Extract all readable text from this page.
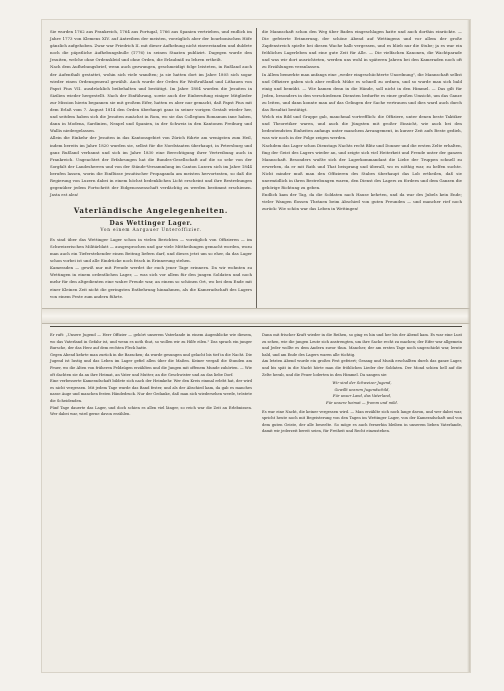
Sie wurden 1762 aus Frankreich, 1764 aus Portugal, 1766 aus Spanien vertrieben, und endlich im Jahre 1773 von Klemens XIV. auf Antreiben der meisten, vorzüglich aber der bourbonischen Höfe gänzlich aufgehoben. Zwar war Friedrich II. mit dieser Aufhebung nicht einverstanden und duldete noch die päpstliche Aufhebungsbulle (1776) in seinen Staaten publizirt. Dagegen wurde den Jesuiten, welche ohne Ordenskleid und ohne Orden, die Erlaubniß zu lehren ertheilt.

Nach dem Aufhebungsbrief, wenn auch gezwungen, geschmeidigt folge leisteten, in Rußland auch der Aufenthalt gestattet, wohin sich viele wandten; ja sie hatten dort im Jahre 1805 sich sogar wieder einen Ordensgeneral gewählt. Auch wurde der Orden für Weißrußland und Lithauen von Papst Pius VII. ausdrücklich beibehalten und bestätigt. Im Jahre 1804 wurden die Jesuiten in Sizilien wieder hergestellt. Nach der Einführung, sowie auch der Einberufung einiger Mitglieder zur Mission hierin begannen sie mit großem Eifer, hatten es aber nur gemacht, daß Papst Pius mit dem Erlaß vom 7. August 1814 den Orden überhaupt ganz in seiner vorigen Gestalt wieder her, und seitdem haben sich die Jesuiten zunächst in Rom, wo sie das Collegium Romanum inne haben, dann in Modena, Sardinien, Neapel und Spanien, in der Schweiz in den Kantonen Freiburg und Wallis niedergelassen.

Allein die Einkehr der Jesuiten in das Kantonsgebiet von Zürich führte am wenigsten zum Heil, indem bereits im Jahre 1820 wurden sie, selbst für die Nordstaaten überhaupt, in Petersburg und ganz Rußland verbannt und sich im Jahre 1830 eine Berechtigung ihrer Vertreibung auch in Frankreich. Ungeachtet der Erfahrungen hat die Bundes-Gesellschaft auf die so sehr von der Sorgfalt der Landesherren und von der Stände-Versammlung im Canton Luzern sich im Jahre 1844 berufen lassen, worin die Einflüsse jesuitischer Propaganda am meisten hervortraten, so daß die Regierung von Luzern dabei in einem höchst bedenklichen Licht erscheint und ihre Bestrebungen gegenüber jedem Fortschritt der Eidgenossenschaft verdächtig zu werden bestimmt erschienen. Jasta est alea!

Vaterländische Angelegenheiten.
Das Wettinger Lager.
Von einem Aargauer Unteroffizier.

Es sind über das Wettinger Lager schon in vielen Berichten — vorzüglich von Offizieren — im Schweizerischen Militärblatt — ausgesprochen und gar viele Mittheilungen gemacht worden, wozu man auch ein Tieferstehender einen Beitrag liefern darf, und dieses jetzt um so eher, da das Lager schon vorbei ist und alle Eindrücke noch frisch in Erinnerung stehen.

Kameraden — gewiß nur mit Freude werdet ihr euch jener Tage erinnern. Da wir wohnten zu Wettingen in einem ordentlichen Lager, — was sich vor allem für den jungen Soldaten und noch mehr für den altgedienten eine wahre Freude war, an einem so schönen Ort, wo bei dem Ende mit einer Kleinen Zeit nicht die geringsten Entbehrung hinnahmen, als die Kameradschaft des Lagers von einem Feste zum andern führte.

die Mannschaft schon den Weg über Baden eingeschlagen hatte und auch dorthin einrückte. — Die gefeierte Erinnerung, der schöne Abend auf Wettingens und vor allem der große Zapfenstreich spielte bei diesen Wache halb vergessen, und es blieb nur die Stube; ja es war ein fröhliches Lagerleben und eine gute Zeit für Alle. — Die vielfachen Kanonen, die Wachtparade und was wir dort ausrichteten, werden uns wohl in späteren Jahren bei den Kameraden noch oft zu Erzählungen veranlassen.

In Allem bemerkte man anfangs eine „weder eingeschüchterte Unordnung", die Mannschaft selbst und Offiziere gaben sich aber redlich Mühe es schnell zu ordnen, und so wurde man sich bald einig und bemüht. — Wie kamen denn in die Hände, soll nicht in den Himmel. — Das gilt für Jeden, besonders in den verschiedenen Diensten bedurfte es einer großen Umsicht, um das Ganze zu leiten, und dann konnte man auf das Gelingen der Sache vertrauen und dies ward auch durch das Resultat bestätigt.

Welch ein Bild und Gruppe gab, manchmal vortrefflich: die Offiziere, unter denen beste Taktiker und Theoretiker waren, und auch die Jüngsten mit großer Einsicht, wie auch bei den bedeutendsten Einheiten anfangs unter manchem Arrangement, in kurzer Zeit aufs Beste gedieh, was wir noch in der Folge zeigen werden.

Nachdem das Lager schon Dienstags Nachts recht Blitz und Donner und die ersten Zelte erhalten, fing der Geist des Lagers wieder an, und zeigte sich viel Heiterkeit und Freude unter der ganzen Mannschaft. Besonders wußte sich der Lagerkommandant die Liebe der Truppen schnell zu erwerben, da er mit Rath und That beisprang und überall, wo es nöthig war, zu helfen suchte. Nicht minder muß man den Offizieren des Stabes überhaupt das Lob ertheilen, daß sie unermüdlich in ihren Bestrebungen waren, den Dienst des Lagers zu fördern und dem Ganzen die gehörige Richtung zu geben.

Endlich kam der Tag, da die Soldaten nach Hause kehrten, und da war des Jubels kein Ende; vieler Wangen flossen Thränen beim Abschied von guten Freunden — und mancher rief noch zurück: Wie schön war das Leben in Wettingen!

Er ruft: „Unsere Jugend — Herr Offizier — gehört unserem Vaterlande in einem Augenblicke wie diesem, wo das Vaterland in Gefahr ist, und wenn es noth thut, so wollen wir zu Hilfe eilen." Das sprach ein junger Bursche, der das Herz auf dem rechten Fleck hatte.

Gegen Abend kehrte man zurück in die Baracken; da wurde gesungen und gelacht bis tief in die Nacht. Die Jugend ist lustig und das Leben im Lager gefiel allen über die Maßen. Keiner vergaß die Stunden am Feuer, wo die Alten von früheren Feldzügen erzählten und die Jungen mit offenem Munde zuhörten. — Wie oft dachten sie da an ihre Heimat, an Vater und Mutter, an die Geschwister und an das liebe Dorf.

Eine verbesserte Kameradschaft bildete sich nach der Heimkehr. Wer den Kreis einmal erlebt hat, der wird es nicht vergessen. Mit jedem Tage wurde das Band fester, und als der Abschied kam, da gab es manches nasse Auge und manchen festen Händedruck. Nur der Gedanke, daß man sich wiedersehen werde, tröstete die Scheidenden.

Fünf Tage dauerte das Lager, und doch schien es allen viel länger, so reich war die Zeit an Erlebnissen. Wer dabei war, wird gerne davon erzählen.

Dann mit frischer Kraft wieder in die Reihen, so ging es hin und her bis der Abend kam. Es war eine Lust zu sehen, wie die jungen Leute sich anstrengten, um ihre Sache recht zu machen; der Eifer war allgemein und Jeder wollte es dem Andern zuvor thun. Mancher, der am ersten Tage noch ungeschickt war, lernte bald, und am Ende des Lagers waren alle tüchtig.

Am letzten Abend wurde ein großes Fest gefeiert; Gesang und Musik erschallten durch das ganze Lager, und bis spät in die Nacht hörte man die fröhlichen Lieder der Soldaten. Der Mond schien hell auf die Zelte herab, und die Feuer loderten in den Himmel. Da sangen sie:

Wir sind der Schweizer Jugend,
Gewillt unsrem Jugendschild,
Für unser Land, das Vaterland,
Für unsere heimat — fromm und mild.

Es war eine Nacht, die keiner vergessen wird. — Man erzählte sich noch lange davon, und wer dabei war, spricht heute noch mit Begeisterung von den Tagen im Wettinger Lager, von der Kameradschaft und von dem guten Geiste, der alle beseelte. So möge es auch fernerhin bleiben in unserem lieben Vaterlande, damit wir jederzeit bereit seien, für Freiheit und Recht einzustehen.
